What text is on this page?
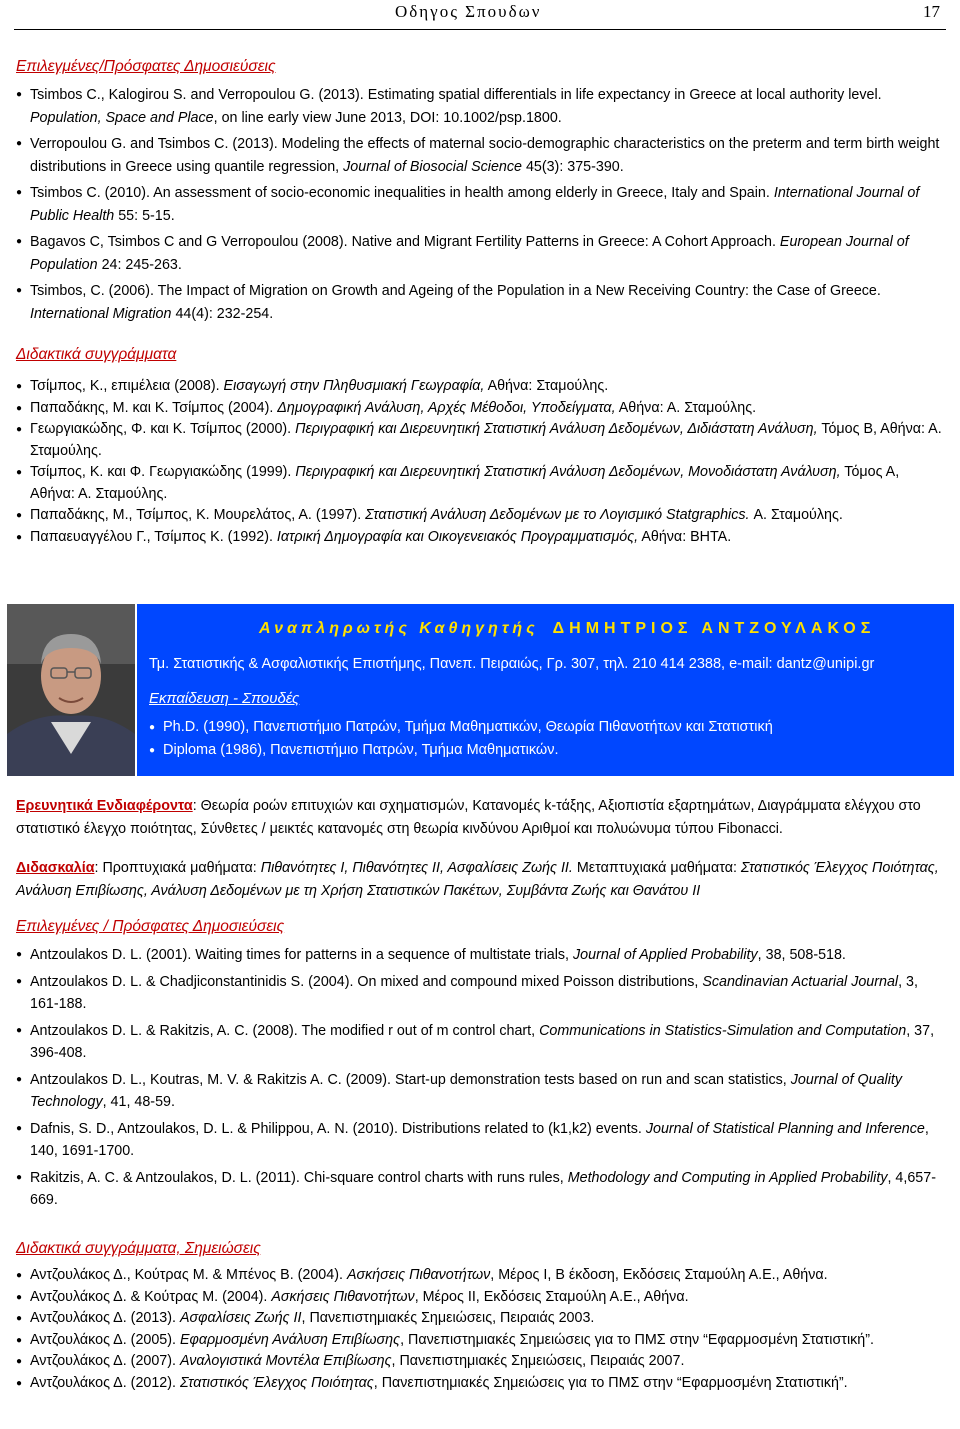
Οδηγος Σπουδων	17
Επιλεγμένες/Πρόσφατες Δημοσιεύσεις
● Tsimbos C., Kalogirou S. and Verropoulou G. (2013). Estimating spatial differentials in life expectancy in Greece at local authority level. Population, Space and Place, on line early view June 2013, DOI: 10.1002/psp.1800.
● Verropoulou G. and Tsimbos C. (2013). Modeling the effects of maternal socio-demographic characteristics on the preterm and term birth weight distributions in Greece using quantile regression, Journal of Biosocial Science 45(3): 375-390.
● Tsimbos C. (2010). An assessment of socio-economic inequalities in health among elderly in Greece, Italy and Spain. International Journal of Public Health 55: 5-15.
● Bagavos C, Tsimbos C and G Verropoulou (2008). Native and Migrant Fertility Patterns in Greece: A Cohort Approach. European Journal of Population 24: 245-263.
● Tsimbos, C. (2006). The Impact of Migration on Growth and Ageing of the Population in a New Receiving Country: the Case of Greece. International Migration 44(4): 232-254.
Διδακτικά συγγράμματα
● Τσίμπος, Κ., επιμέλεια (2008). Εισαγωγή στην Πληθυσμιακή Γεωγραφία, Αθήνα: Σταμούλης.
● Παπαδάκης, Μ. και Κ. Τσίμπος (2004). Δημογραφική Ανάλυση, Αρχές Μέθοδοι, Υποδείγματα, Αθήνα: Α. Σταμούλης.
● Γεωργιακώδης, Φ. και Κ. Τσίμπος (2000). Περιγραφική και Διερευνητική Στατιστική Ανάλυση Δεδομένων, Διδιάστατη Ανάλυση, Τόμος Β, Αθήνα: Α. Σταμούλης.
● Τσίμπος, Κ. και Φ. Γεωργιακώδης (1999). Περιγραφική και Διερευνητική Στατιστική Ανάλυση Δεδομένων, Μονοδιάστατη Ανάλυση, Τόμος Α, Αθήνα: Α. Σταμούλης.
● Παπαδάκης, Μ., Τσίμπος, Κ. Μουρελάτος, Α. (1997). Στατιστική Ανάλυση Δεδομένων με το Λογισμικό Statgraphics. Α. Σταμούλης.
● Παπαευαγγέλου Γ., Τσίμπος Κ. (1992). Ιατρική Δημογραφία και Οικογενειακός Προγραμματισμός, Αθήνα: ΒΗΤΑ.
Αναπληρωτής Καθηγητής ΔΗΜΗΤΡΙΟΣ ΑΝΤΖΟΥΛΑΚΟΣ
Τμ. Στατιστικής & Ασφαλιστικής Επιστήμης, Πανεπ. Πειραιώς, Γρ. 307, τηλ. 210 414 2388, e-mail: dantz@unipi.gr
Εκπαίδευση - Σπουδές
● Ph.D. (1990), Πανεπιστήμιο Πατρών, Τμήμα Μαθηματικών, Θεωρία Πιθανοτήτων και Στατιστική
● Diploma (1986), Πανεπιστήμιο Πατρών, Τμήμα Μαθηματικών.

Ερευνητικά Ενδιαφέροντα: Θεωρία ροών επιτυχιών και σχηματισμών, Κατανομές k-τάξης, Αξιοπιστία εξαρτημάτων, Διαγράμματα ελέγχου στο στατιστικό έλεγχο ποιότητας, Σύνθετες / μεικτές κατανομές στη θεωρία κινδύνου Αριθμοί και πολυώνυμα τύπου Fibonacci.

Διδασκαλία: Προπτυχιακά μαθήματα: Πιθανότητες Ι, Πιθανότητες ΙΙ, Ασφαλίσεις Ζωής ΙΙ. Μεταπτυχιακά μαθήματα: Στατιστικός Έλεγχος Ποιότητας, Ανάλυση Επιβίωσης, Ανάλυση Δεδομένων με τη Χρήση Στατιστικών Πακέτων, Συμβάντα Ζωής και Θανάτου ΙΙ

Επιλεγμένες / Πρόσφατες Δημοσιεύσεις
● Antzoulakos D. L. (2001). Waiting times for patterns in a sequence of multistate trials, Journal of Applied Probability, 38, 508-518.
● Antzoulakos D. L. & Chadjiconstantinidis S. (2004). On mixed and compound mixed Poisson distributions, Scandinavian Actuarial Journal, 3, 161-188.
● Antzoulakos D. L. & Rakitzis, A. C. (2008). The modified r out of m control chart, Communications in Statistics-Simulation and Computation, 37, 396-408.
● Antzoulakos D. L., Koutras, M. V. & Rakitzis A. C. (2009). Start-up demonstration tests based on run and scan statistics, Journal of Quality Technology, 41, 48-59.
● Dafnis, S. D., Antzoulakos, D. L. & Philippou, A. N. (2010). Distributions related to (k1,k2) events. Journal of Statistical Planning and Inference, 140, 1691-1700.
● Rakitzis, A. C. & Antzoulakos, D. L. (2011). Chi-square control charts with runs rules, Methodology and Computing in Applied Probability, 4,657-669.
Διδακτικά συγγράμματα, Σημειώσεις
● Αντζουλάκος Δ., Κούτρας Μ. & Μπένος Β. (2004). Ασκήσεις Πιθανοτήτων, Μέρος Ι, Β έκδοση, Εκδόσεις Σταμούλη Α.Ε., Αθήνα.
● Αντζουλάκος Δ. & Κούτρας Μ. (2004). Ασκήσεις Πιθανοτήτων, Μέρος ΙΙ, Εκδόσεις Σταμούλη Α.Ε., Αθήνα.
● Αντζουλάκος Δ. (2013). Ασφαλίσεις Ζωής ΙΙ, Πανεπιστημιακές Σημειώσεις, Πειραιάς 2003.
● Αντζουλάκος Δ. (2005). Εφαρμοσμένη Ανάλυση Επιβίωσης, Πανεπιστημιακές Σημειώσεις για το ΠΜΣ στην “Εφαρμοσμένη Στατιστική”.
● Αντζουλάκος Δ. (2007). Αναλογιστικά Μοντέλα Επιβίωσης, Πανεπιστημιακές Σημειώσεις, Πειραιάς 2007.
● Αντζουλάκος Δ. (2012). Στατιστικός Έλεγχος Ποιότητας, Πανεπιστημιακές Σημειώσεις για το ΠΜΣ στην “Εφαρμοσμένη Στατιστική”.
